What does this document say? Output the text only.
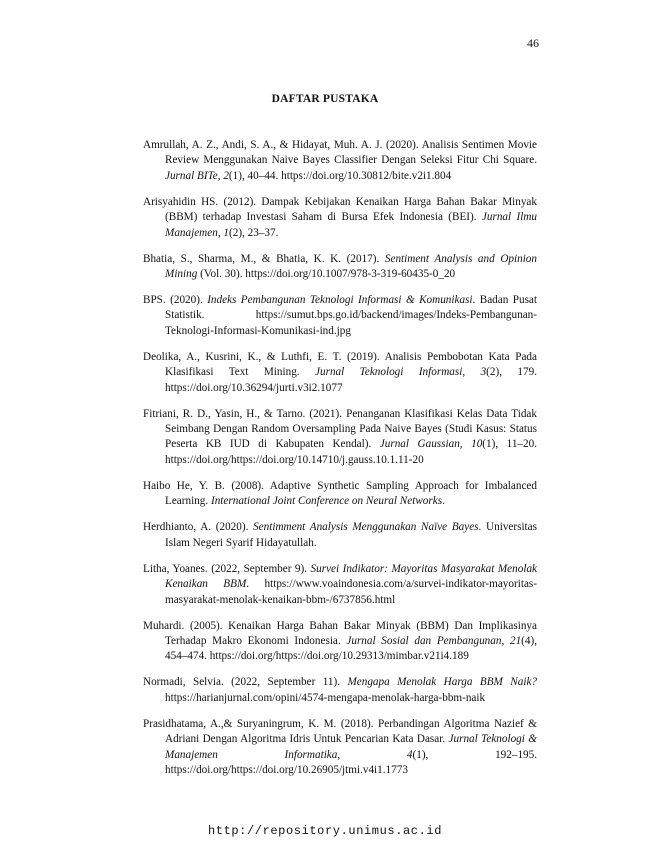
46
DAFTAR PUSTAKA

Amrullah, A. Z., Andi, S. A., & Hidayat, Muh. A. J. (2020). Analisis Sentimen Movie Review Menggunakan Naive Bayes Classifier Dengan Seleksi Fitur Chi Square. Jurnal BITe, 2(1), 40–44. https://doi.org/10.30812/bite.v2i1.804

Arisyahidin HS. (2012). Dampak Kebijakan Kenaikan Harga Bahan Bakar Minyak (BBM) terhadap Investasi Saham di Bursa Efek Indonesia (BEI). Jurnal Ilmu Manajemen, 1(2), 23–37.

Bhatia, S., Sharma, M., & Bhatia, K. K. (2017). Sentiment Analysis and Opinion Mining (Vol. 30). https://doi.org/10.1007/978-3-319-60435-0_20

BPS. (2020). Indeks Pembangunan Teknologi Informasi & Komunikasi. Badan Pusat Statistik. https://sumut.bps.go.id/backend/images/Indeks-Pembangunan-Teknologi-Informasi-Komunikasi-ind.jpg

Deolika, A., Kusrini, K., & Luthfi, E. T. (2019). Analisis Pembobotan Kata Pada Klasifikasi Text Mining. Jurnal Teknologi Informasi, 3(2), 179. https://doi.org/10.36294/jurti.v3i2.1077

Fitriani, R. D., Yasin, H., & Tarno. (2021). Penanganan Klasifikasi Kelas Data Tidak Seimbang Dengan Random Oversampling Pada Naive Bayes (Studi Kasus: Status Peserta KB IUD di Kabupaten Kendal). Jurnal Gaussian, 10(1), 11–20. https://doi.org/https://doi.org/10.14710/j.gauss.10.1.11-20

Haibo He, Y. B. (2008). Adaptive Synthetic Sampling Approach for Imbalanced Learning. International Joint Conference on Neural Networks.

Herdhianto, A. (2020). Sentimment Analysis Menggunakan Naïve Bayes. Universitas Islam Negeri Syarif Hidayatullah.

Litha, Yoanes. (2022, September 9). Survei Indikator: Mayoritas Masyarakat Menolak Kenaikan BBM. https://www.voaindonesia.com/a/survei-indikator-mayoritas-masyarakat-menolak-kenaikan-bbm-/6737856.html

Muhardi. (2005). Kenaikan Harga Bahan Bakar Minyak (BBM) Dan Implikasinya Terhadap Makro Ekonomi Indonesia. Jurnal Sosial dan Pembangunan, 21(4), 454–474. https://doi.org/https://doi.org/10.29313/mimbar.v21i4.189

Normadi, Selvia. (2022, September 11). Mengapa Menolak Harga BBM Naik? https://harianjurnal.com/opini/4574-mengapa-menolak-harga-bbm-naik

Prasidhatama, A.,& Suryaningrum, K. M. (2018). Perbandingan Algoritma Nazief & Adriani Dengan Algoritma Idris Untuk Pencarian Kata Dasar. Jurnal Teknologi & Manajemen Informatika, 4(1), 192–195. https://doi.org/https://doi.org/10.26905/jtmi.v4i1.1773

http://repository.unimus.ac.id
